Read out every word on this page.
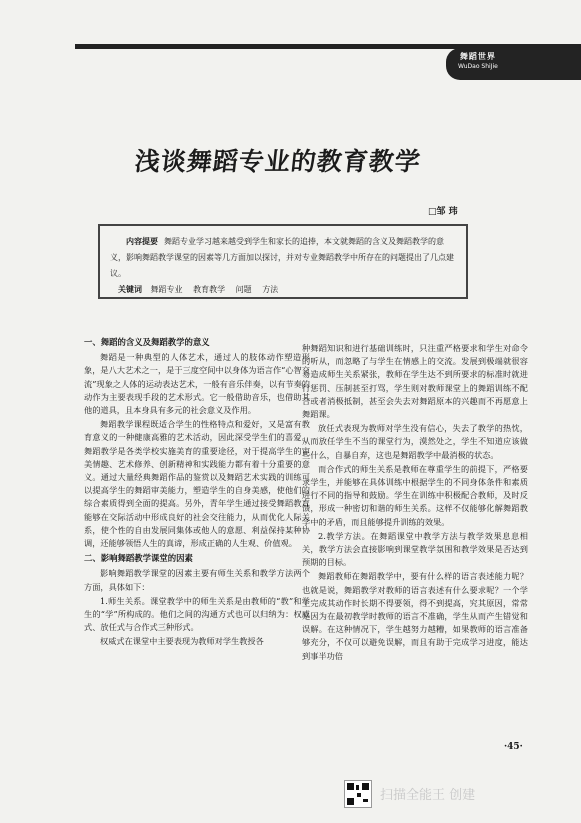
舞蹈世界
WuDao ShiJie
浅谈舞蹈专业的教育教学
□邹 玮

内容提要 舞蹈专业学习越来越受到学生和家长的追捧，本文就舞蹈的含义及舞蹈教学的意义，影响舞蹈教学课堂的因素等几方面加以探讨，并对专业舞蹈教学中所存在的问题提出了几点建议。

关键词 舞蹈专业 教育教学 问题 方法
一、舞蹈的含义及舞蹈教学的意义

舞蹈是一种典型的人体艺术，通过人的肢体动作塑造形象，是八大艺术之一，是于三度空间中以身体为语言作“心智交流”现象之人体的运动表达艺术，一般有音乐伴奏，以有节奏的动作为主要表现手段的艺术形式。它一般借助音乐，也借助其他的道具，且本身具有多元的社会意义及作用。

舞蹈教学课程既适合学生的性格特点和爱好，又是富有教育意义的一种健康高雅的艺术活动，因此深受学生们的喜爱。舞蹈教学是各类学校实施美育的重要途径，对于提高学生的审美情趣、艺术修养、创新精神和实践能力都有着十分重要的意义。通过大量经典舞蹈作品的鉴赏以及舞蹈艺术实践的训练可以提高学生的舞蹈审美能力，塑造学生的自身美感，使他们的综合素质得到全面的提高。另外，青年学生通过接受舞蹈教育能够在交际活动中形成良好的社会交往能力，从而优化人际关系，使个性的自由发展同集体或他人的意愿、利益保持某种协调，还能够领悟人生的真谛，形成正确的人生观、价值观。

二、影响舞蹈教学课堂的因素

影响舞蹈教学课堂的因素主要有师生关系和教学方法两个方面，具体如下：

1.师生关系。课堂教学中的师生关系是由教师的“教”和学生的“学”所构成的。他们之间的沟通方式也可以归纳为：权威式、放任式与合作式三种形式。

权威式在课堂中主要表现为教师对学生教授各

种舞蹈知识和进行基础训练时，只注重严格要求和学生对命令的听从，而忽略了与学生在情感上的交流。发展到极端就很容易造成师生关系紧张，教师在学生达不到所要求的标准时就进行惩罚、压制甚至打骂，学生则对教师课堂上的舞蹈训练不配合或者消极抵制，甚至会失去对舞蹈原本的兴趣而不再愿意上舞蹈课。

放任式表现为教师对学生没有信心，失去了教学的热忱，从而放任学生不当的课堂行为，漠然处之，学生不知道应该做些什么，自暴自弃，这也是舞蹈教学中最消极的状态。

而合作式的师生关系是教师在尊重学生的前提下，严格要求学生，并能够在具体训练中根据学生的不同身体条件和素质进行不同的指导和鼓励。学生在训练中积极配合教师，及时反馈，形成一种密切和谐的师生关系。这样不仅能够化解舞蹈教学中的矛盾，而且能够提升训练的效果。

2.教学方法。在舞蹈课堂中教学方法与教学效果息息相关，教学方法会直接影响到课堂教学氛围和教学效果是否达到预期的目标。

舞蹈教师在舞蹈教学中，要有什么样的语言表述能力呢？也就是说，舞蹈教学对教师的语言表述有什么要求呢？一个学生完成其动作时长期不得要领，得不到提高，究其原因，常常是因为在最初教学时教师的语言不准确，学生从而产生错觉和误解。在这种情况下，学生越努力越糟，如果教师的语言准备够充分，不仅可以避免误解，而且有助于完成学习进度，能达到事半功倍

·45·
扫描全能王 创建
